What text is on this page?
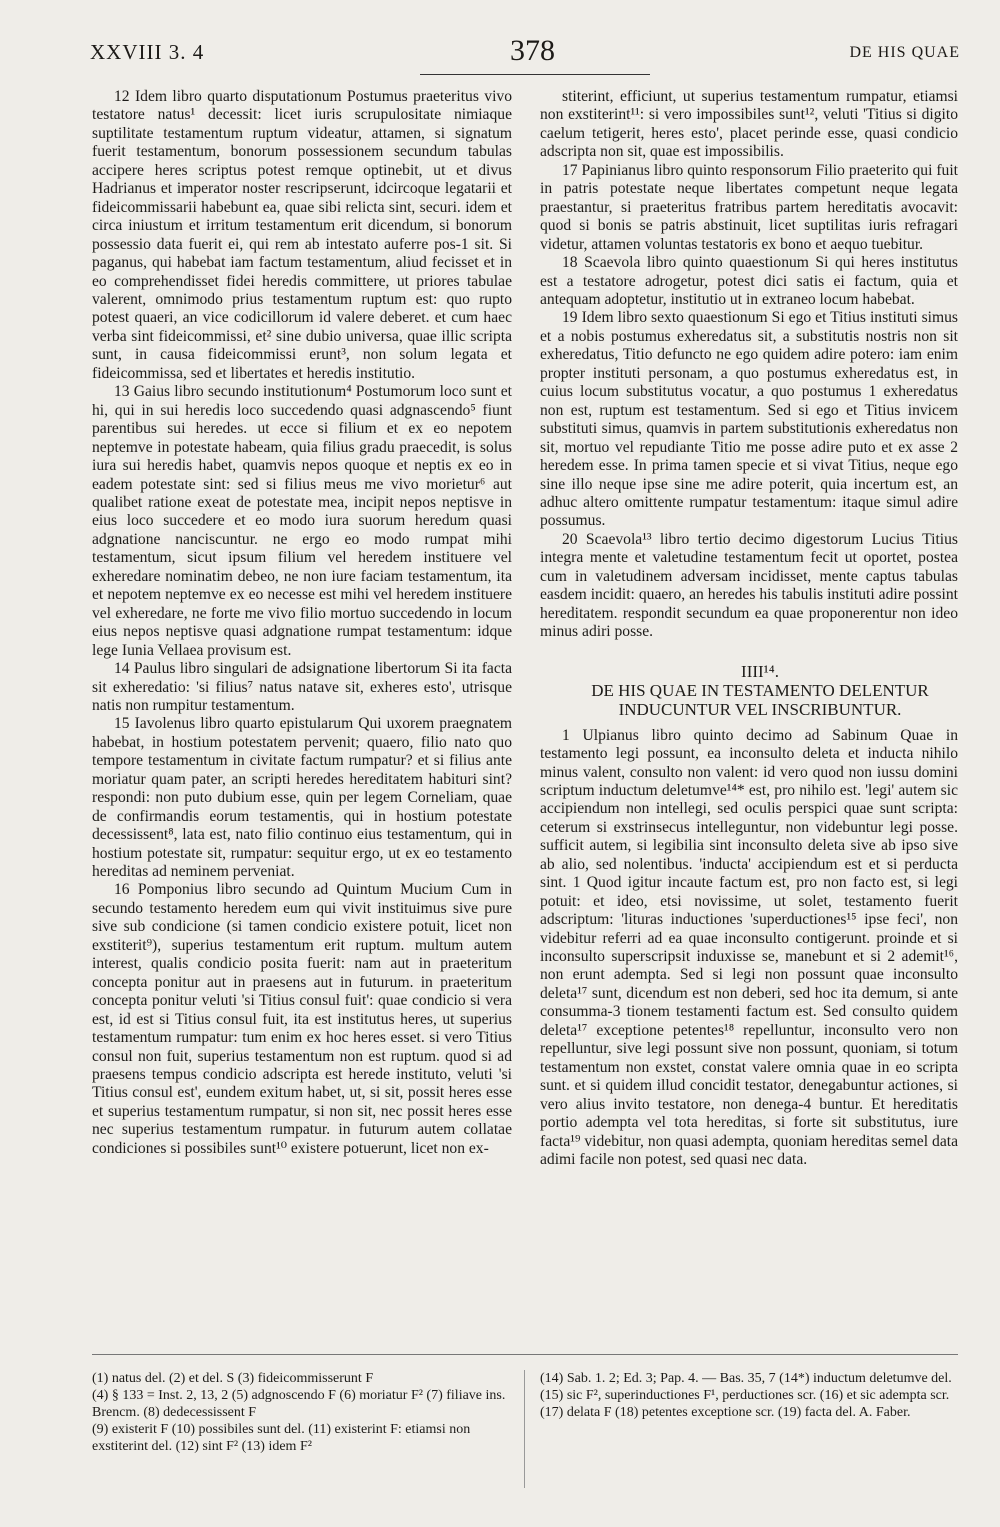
XXVIII 3. 4	378	DE HIS QUAE

12 Idem libro quarto disputationum Postumus praeteritus vivo testatore natus¹ decessit: licet iuris scrupulositate nimiaque suptilitate testamentum ruptum videatur, attamen, si signatum fuerit testamentum, bonorum possessionem secundum tabulas accipere heres scriptus potest remque optinebit, ut et divus Hadrianus et imperator noster rescripserunt, idcircoque legatarii et fideicommissarii habebunt ea, quae sibi relicta sint, securi. idem et circa iniustum et irritum testamentum erit dicendum, si bonorum possessio data fuerit ei, qui rem ab intestato auferre pos-1 sit. Si paganus, qui habebat iam factum testamentum, aliud fecisset et in eo comprehendisset fidei heredis committere, ut priores tabulae valerent, omnimodo prius testamentum ruptum est: quo rupto potest quaeri, an vice codicillorum id valere deberet. et cum haec verba sint fideicommissi, et² sine dubio universa, quae illic scripta sunt, in causa fideicommissi erunt³, non solum legata et fideicommissa, sed et libertates et heredis institutio.

13 Gaius libro secundo institutionum⁴ Postumorum loco sunt et hi, qui in sui heredis loco succedendo quasi adgnascendo⁵ fiunt parentibus sui heredes. ut ecce si filium et ex eo nepotem neptemve in potestate habeam, quia filius gradu praecedit, is solus iura sui heredis habet, quamvis nepos quoque et neptis ex eo in eadem potestate sint: sed si filius meus me vivo morietur⁶ aut qualibet ratione exeat de potestate mea, incipit nepos neptisve in eius loco succedere et eo modo iura suorum heredum quasi adgnatione nanciscuntur. ne ergo eo modo rumpat mihi testamentum, sicut ipsum filium vel heredem instituere vel exheredare nominatim debeo, ne non iure faciam testamentum, ita et nepotem neptemve ex eo necesse est mihi vel heredem instituere vel exheredare, ne forte me vivo filio mortuo succedendo in locum eius nepos neptisve quasi adgnatione rumpat testamentum: idque lege Iunia Vellaea provisum est.

14 Paulus libro singulari de adsignatione libertorum Si ita facta sit exheredatio: 'si filius⁷ natus natave sit, exheres esto', utrisque natis non rumpitur testamentum.

15 Iavolenus libro quarto epistularum Qui uxorem praegnatem habebat, in hostium potestatem pervenit; quaero, filio nato quo tempore testamentum in civitate factum rumpatur? et si filius ante moriatur quam pater, an scripti heredes hereditatem habituri sint? respondi: non puto dubium esse, quin per legem Corneliam, quae de confirmandis eorum testamentis, qui in hostium potestate decessissent⁸, lata est, nato filio continuo eius testamentum, qui in hostium potestate sit, rumpatur: sequitur ergo, ut ex eo testamento hereditas ad neminem perveniat.

16 Pomponius libro secundo ad Quintum Mucium Cum in secundo testamento heredem eum qui vivit instituimus sive pure sive sub condicione (si tamen condicio existere potuit, licet non exstiterit⁹), superius testamentum erit ruptum. multum autem interest, qualis condicio posita fuerit: nam aut in praeteritum concepta ponitur aut in praesens aut in futurum. in praeteritum concepta ponitur veluti 'si Titius consul fuit': quae condicio si vera est, id est si Titius consul fuit, ita est institutus heres, ut superius testamentum rumpatur: tum enim ex hoc heres esset. si vero Titius consul non fuit, superius testamentum non est ruptum. quod si ad praesens tempus condicio adscripta est herede instituto, veluti 'si Titius consul est', eundem exitum habet, ut, si sit, possit heres esse et superius testamentum rumpatur, si non sit, nec possit heres esse nec superius testamentum rumpatur. in futurum autem collatae condiciones si possibiles sunt¹⁰ existere potuerunt, licet non ex-

stiterint, efficiunt, ut superius testamentum rumpatur, etiamsi non exstiterint¹¹: si vero impossibiles sunt¹², veluti 'Titius si digito caelum tetigerit, heres esto', placet perinde esse, quasi condicio adscripta non sit, quae est impossibilis.

17 Papinianus libro quinto responsorum Filio praeterito qui fuit in patris potestate neque libertates competunt neque legata praestantur, si praeteritus fratribus partem hereditatis avocavit: quod si bonis se patris abstinuit, licet suptilitas iuris refragari videtur, attamen voluntas testatoris ex bono et aequo tuebitur.

18 Scaevola libro quinto quaestionum Si qui heres institutus est a testatore adrogetur, potest dici satis ei factum, quia et antequam adoptetur, institutio ut in extraneo locum habebat.

19 Idem libro sexto quaestionum Si ego et Titius instituti simus et a nobis postumus exheredatus sit, a substitutis nostris non sit exheredatus, Titio defuncto ne ego quidem adire potero: iam enim propter instituti personam, a quo postumus exheredatus est, in cuius locum substitutus vocatur, a quo postumus 1 exheredatus non est, ruptum est testamentum. Sed si ego et Titius invicem substituti simus, quamvis in partem substitutionis exheredatus non sit, mortuo vel repudiante Titio me posse adire puto et ex asse 2 heredem esse. In prima tamen specie et si vivat Titius, neque ego sine illo neque ipse sine me adire poterit, quia incertum est, an adhuc altero omittente rumpatur testamentum: itaque simul adire possumus.

20 Scaevola¹³ libro tertio decimo digestorum Lucius Titius integra mente et valetudine testamentum fecit ut oportet, postea cum in valetudinem adversam incidisset, mente captus tabulas easdem incidit: quaero, an heredes his tabulis instituti adire possint hereditatem. respondit secundum ea quae proponerentur non ideo minus adiri posse.

IIII¹⁴.

DE HIS QUAE IN TESTAMENTO DELENTUR

INDUCUNTUR VEL INSCRIBUNTUR.

1 Ulpianus libro quinto decimo ad Sabinum Quae in testamento legi possunt, ea inconsulto deleta et inducta nihilo minus valent, consulto non valent: id vero quod non iussu domini scriptum inductum deletumve¹⁴* est, pro nihilo est. 'legi' autem sic accipiendum non intellegi, sed oculis perspici quae sunt scripta: ceterum si exstrinsecus intelleguntur, non videbuntur legi posse. sufficit autem, si legibilia sint inconsulto deleta sive ab ipso sive ab alio, sed nolentibus. 'inducta' accipiendum est et si perducta sint. 1 Quod igitur incaute factum est, pro non facto est, si legi potuit: et ideo, etsi novissime, ut solet, testamento fuerit adscriptum: 'lituras inductiones 'superductiones¹⁵ ipse feci', non videbitur referri ad ea quae inconsulto contigerunt. proinde et si inconsulto superscripsit induxisse se, manebunt et si 2 ademit¹⁶, non erunt adempta. Sed si legi non possunt quae inconsulto deleta¹⁷ sunt, dicendum est non deberi, sed hoc ita demum, si ante consumma-3 tionem testamenti factum est. Sed consulto quidem deleta¹⁷ exceptione petentes¹⁸ repelluntur, inconsulto vero non repelluntur, sive legi possunt sive non possunt, quoniam, si totum testamentum non exstet, constat valere omnia quae in eo scripta sunt. et si quidem illud concidit testator, denegabuntur actiones, si vero alius invito testatore, non denega-4 buntur. Et hereditatis portio adempta vel tota hereditas, si forte sit substitutus, iure facta¹⁹ videbitur, non quasi adempta, quoniam hereditas semel data adimi facile non potest, sed quasi nec data.

(1) natus del. (2) et del. S (3) fideicommisserunt F
(4) § 133 = Inst. 2, 13, 2 (5) adgnoscendo F (6) moriatur F² (7) filiave ins. Brencm. (8) dedecessissent F
(9) existerit F (10) possibiles sunt del. (11) existerint F: etiamsi non exstiterint del. (12) sint F² (13) idem F²
(14) Sab. 1. 2; Ed. 3; Pap. 4. — Bas. 35, 7 (14*) inductum deletumve del. (15) sic F², superinductiones F¹, perductiones scr. (16) et sic adempta scr. (17) delata F (18) petentes exceptione scr. (19) facta del. A. Faber.
